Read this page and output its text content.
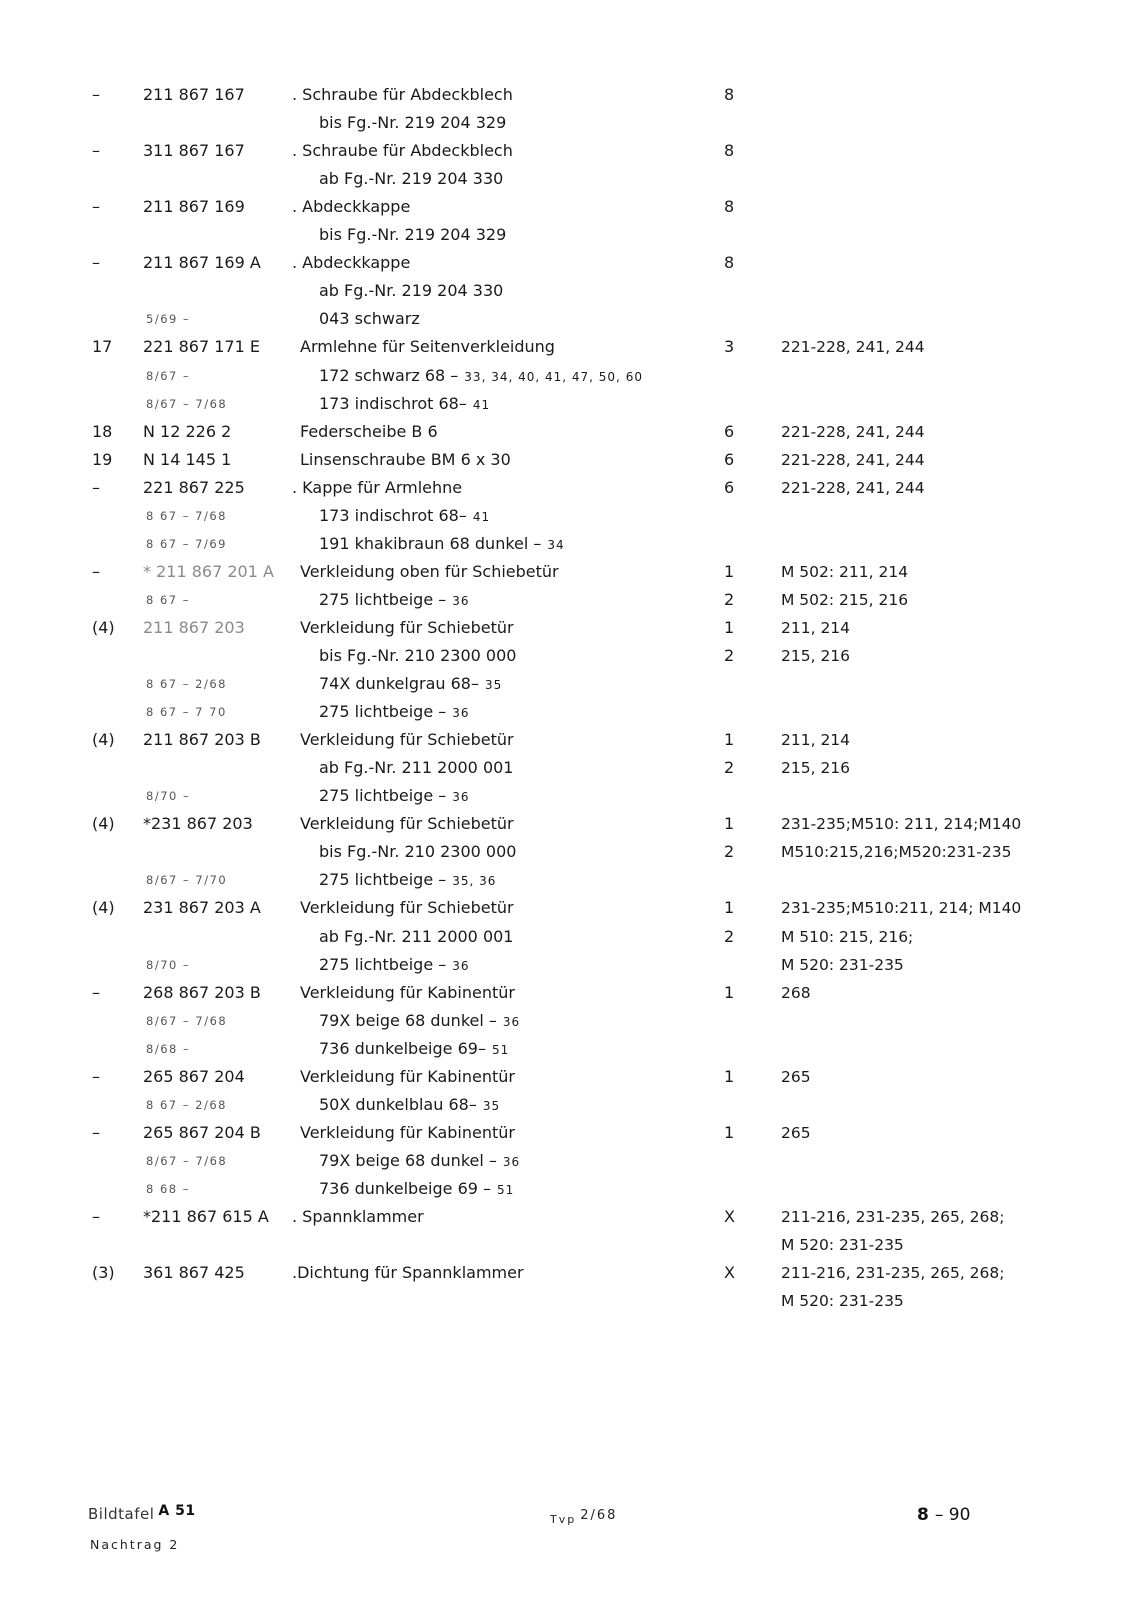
–	211 867 167	. Schraube für Abdeckblech	8
bis Fg.-Nr. 219 204 329
–	311 867 167	. Schraube für Abdeckblech	8
ab Fg.-Nr. 219 204 330
–	211 867 169	. Abdeckkappe	8
bis Fg.-Nr. 219 204 329
–	211 867 169 A . Abdeckkappe	8
ab Fg.-Nr. 219 204 330
5/69 –	043 schwarz
17 221 867 171 E	Armlehne für Seitenverkleidung	3	221-228, 241, 244
8/67 –	172 schwarz 68 – 33, 34, 40, 41, 47, 50, 60
8/67 – 7/68	173 indischrot 68– 41
18 N 12 226 2	Federscheibe B 6	6	221-228, 241, 244
19 N 14 145 1	Linsenschraube BM 6 x 30	6	221-228, 241, 244
–	221 867 225	. Kappe für Armlehne	6	221-228, 241, 244
8 67 – 7/68	173 indischrot 68– 41
8 67 – 7/69	191 khakibraun 68 dunkel – 34
–	* 211 867 201 A Verkleidung oben für Schiebetür	1	M 502: 211, 214
8 67 –	275 lichtbeige – 36	2	M 502: 215, 216
(4) 211 867 203	Verkleidung für Schiebetür	1	211, 214
bis Fg.-Nr. 210 2300 000	2	215, 216
8 67 – 2/68	74X dunkelgrau 68– 35
8 67 – 7 70	275 lichtbeige – 36
(4) 211 867 203 B Verkleidung für Schiebetür	1	211, 214
ab Fg.-Nr. 211 2000 001	2	215, 216
8/70 –	275 lichtbeige – 36
(4) *231 867 203	Verkleidung für Schiebetür	1	231-235;M510: 211, 214;M140
bis Fg.-Nr. 210 2300 000	2	M510:215,216;M520:231-235
8/67 – 7/70	275 lichtbeige – 35, 36
(4) 231 867 203 A Verkleidung für Schiebetür	1	231-235;M510:211, 214; M140
ab Fg.-Nr. 211 2000 001	2	M 510: 215, 216;
8/70 –	275 lichtbeige – 36	M 520: 231-235
–	268 867 203 B Verkleidung für Kabinentür	1	268
8/67 – 7/68	79X beige 68 dunkel – 36
8/68 –	736 dunkelbeige 69– 51
–	265 867 204	Verkleidung für Kabinentür	1	265
8 67 – 2/68	50X dunkelblau 68– 35
–	265 867 204 B Verkleidung für Kabinentür	1	265
8/67 – 7/68	79X beige 68 dunkel – 36
8 68 –	736 dunkelbeige 69 – 51
–	*211 867 615 A . Spannklammer	X	211-216, 231-235, 265, 268;
M 520: 231-235
(3) 361 867 425	.Dichtung für Spannklammer	X	211-216, 231-235, 265, 268;
M 520: 231-235
Bildtafel A 51
Nachtrag 2
Tvp 2/68	8 – 90
